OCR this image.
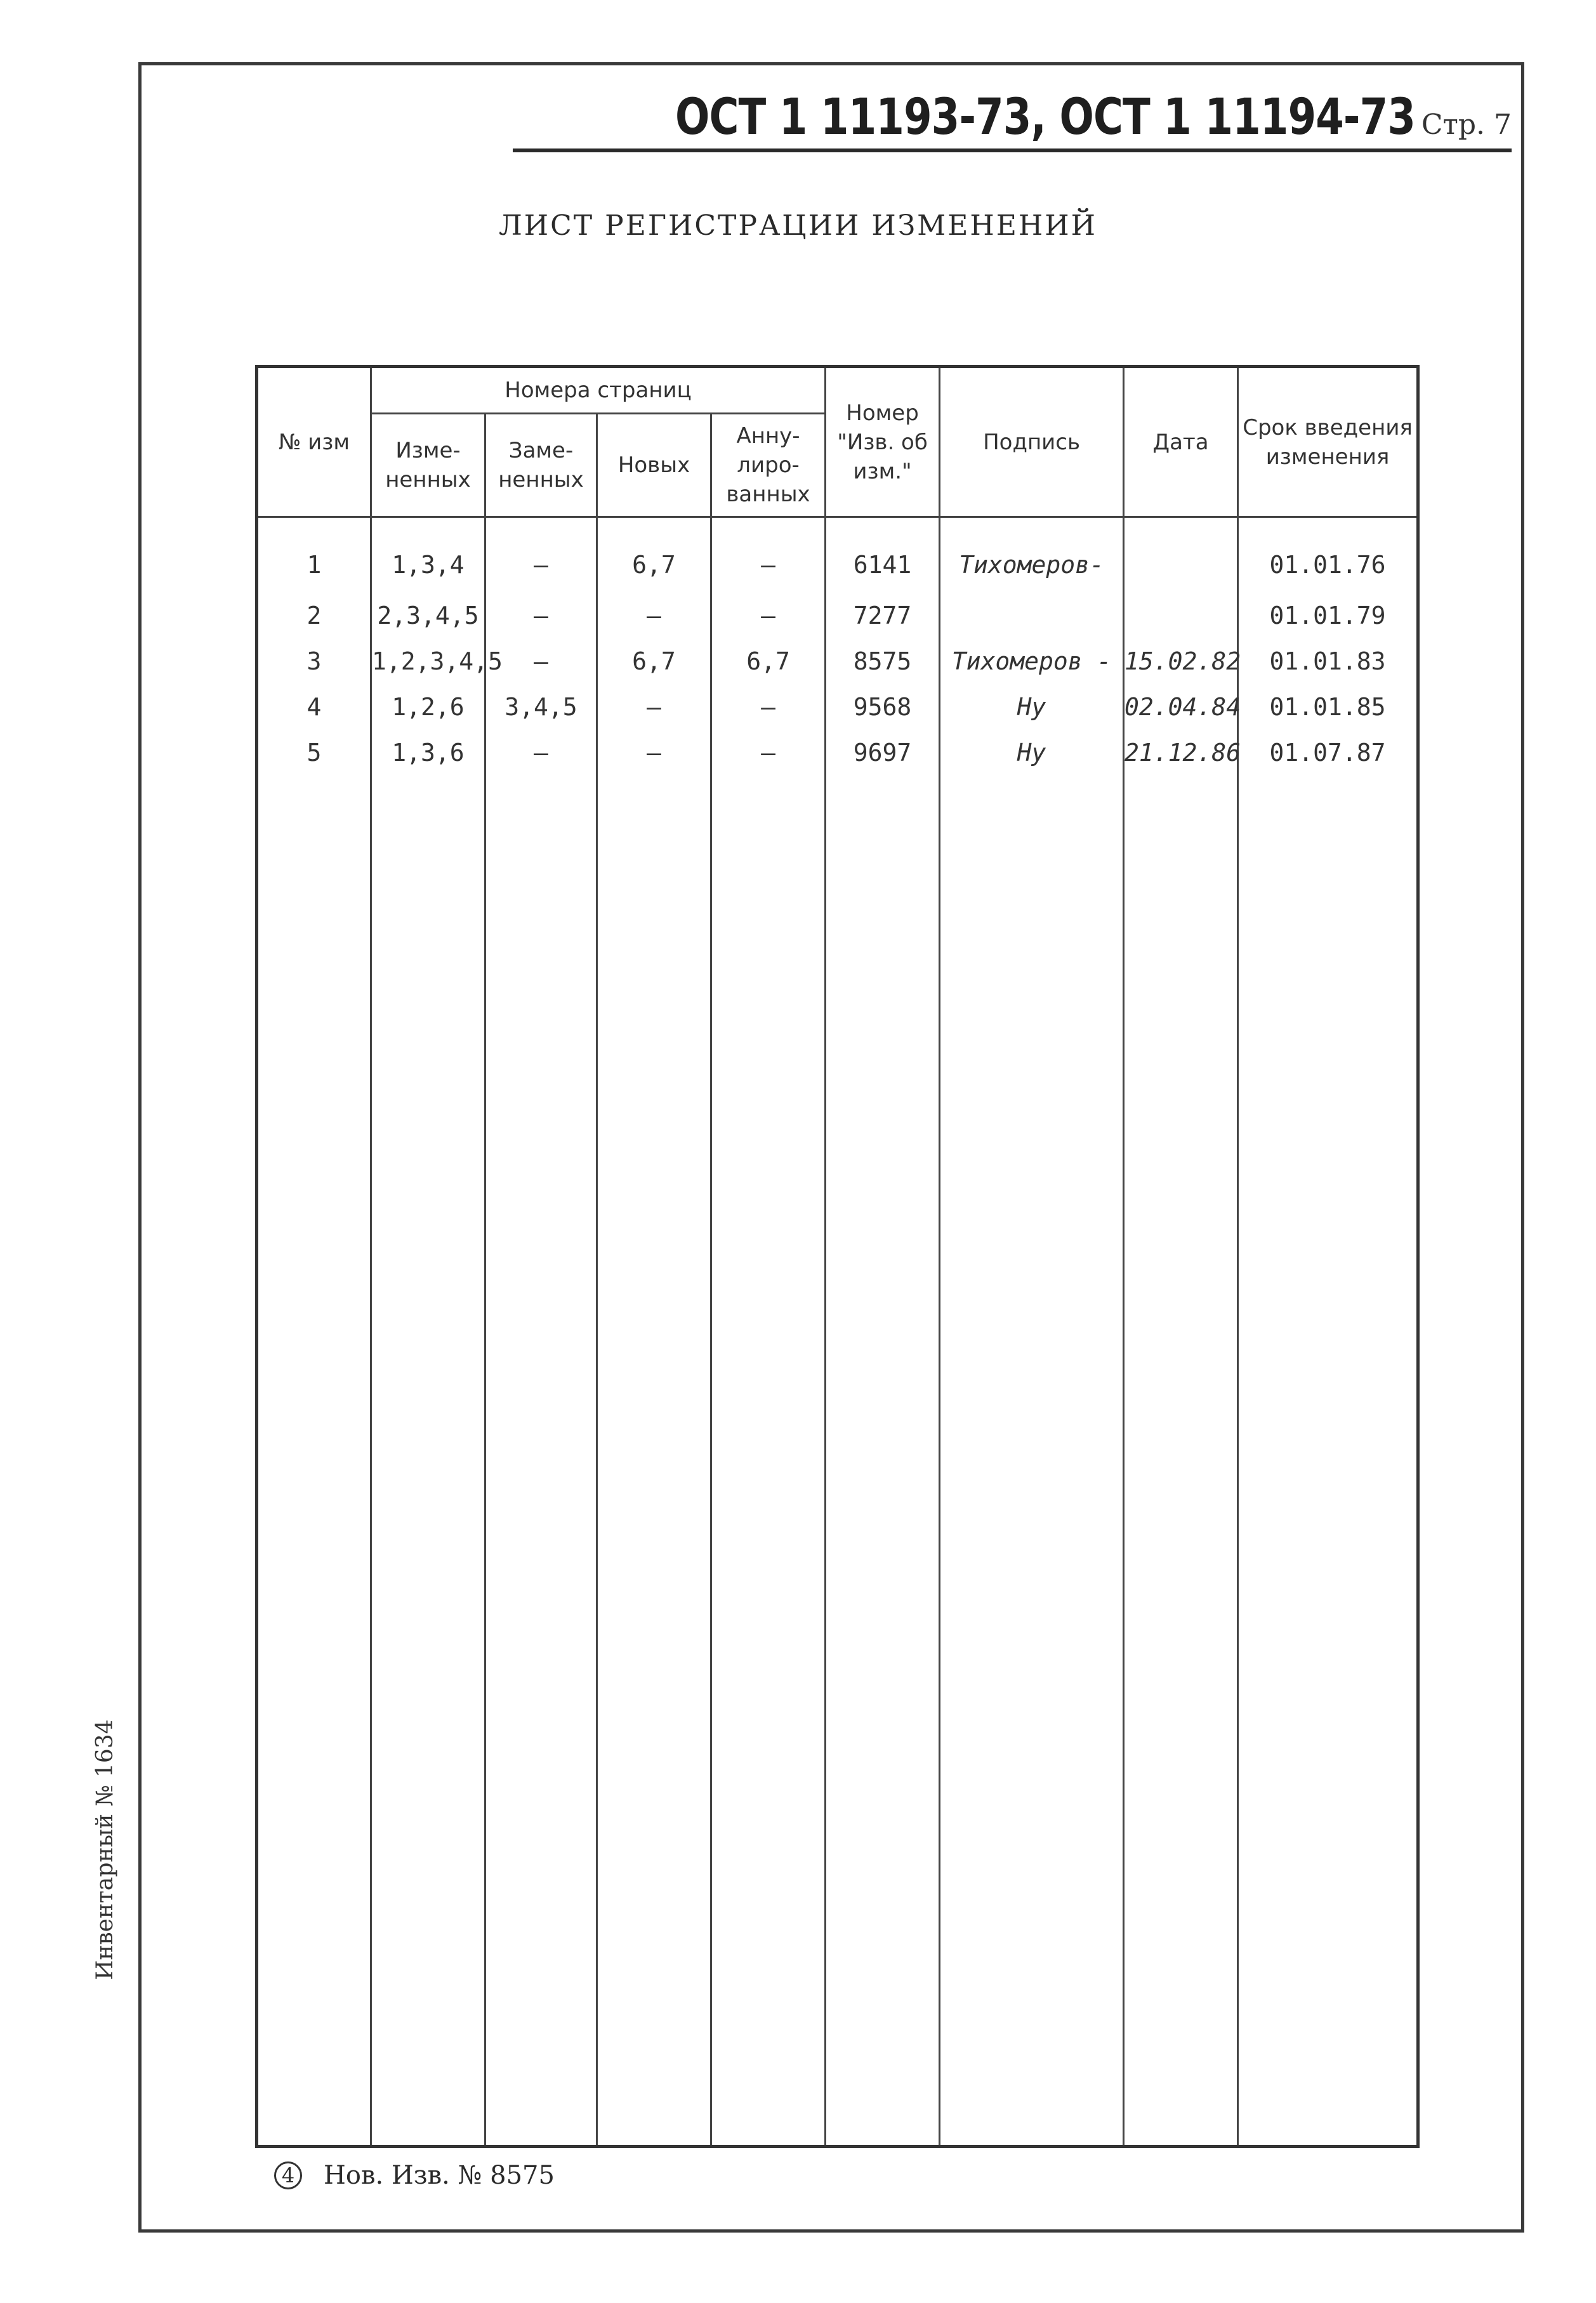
ОСТ 1 11193-73, ОСТ 1 11194-73 Стр. 7
ЛИСТ РЕГИСТРАЦИИ ИЗМЕНЕНИЙ
№ изм	Номера страниц				Номер "Изв. об изм."	Подпись	Дата	Срок введения изменения
	Изме- ненных	Заме- ненных	Новых	Анну- лиро- ванных				
1	1,3,4	–	6,7	–	6141	Тихомеров-		01.01.76
2	2,3,4,5	–	–	–	7277			01.01.79
3	1,2,3,4,5	–	6,7	6,7	8575	Тихомеров -	15.02.82	01.01.83
4	1,2,6	3,4,5	–	–	9568	Ну	02.04.84	01.01.85
5	1,3,6	–	–	–	9697	Ну	21.12.86	01.07.87

Инвентарный № 1634
4 Нов. Изв. № 8575
